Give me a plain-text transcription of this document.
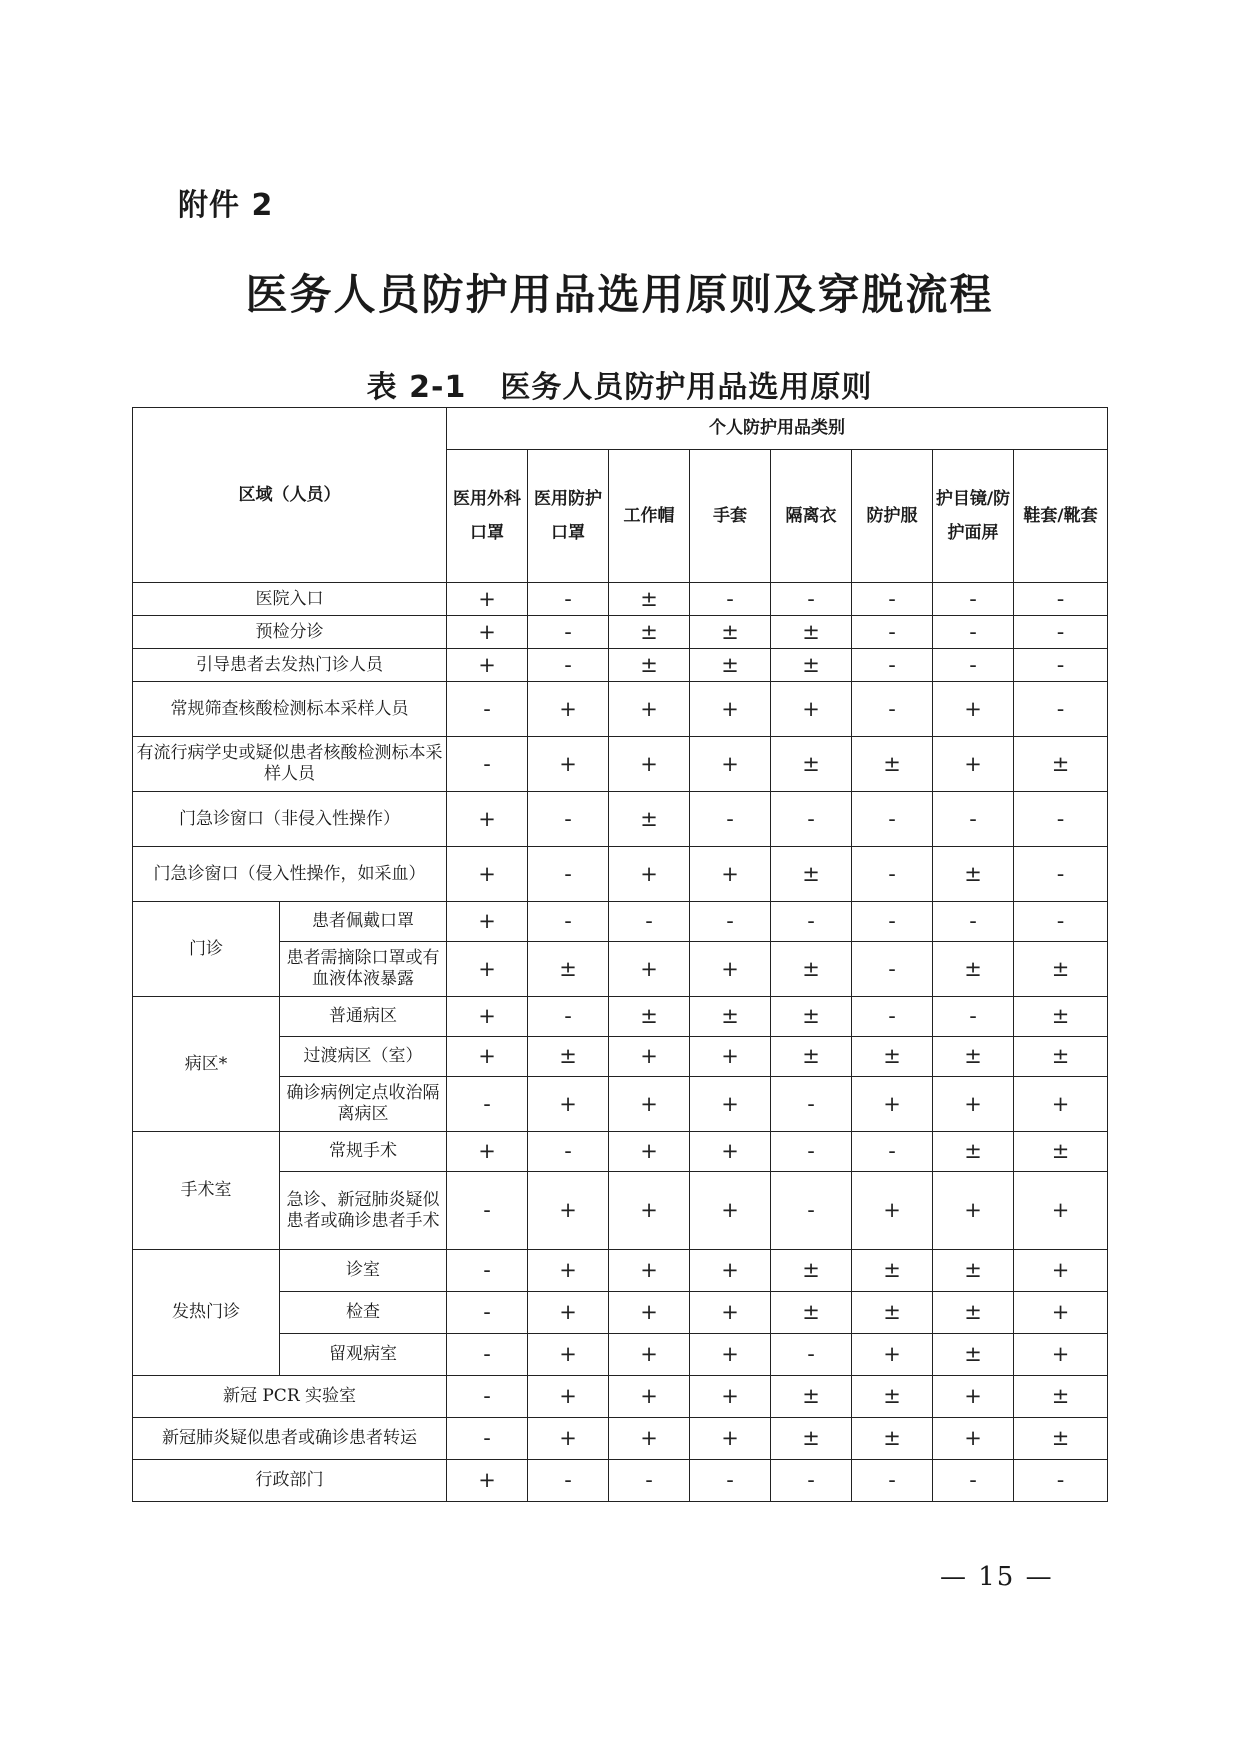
附件 2
医务人员防护用品选用原则及穿脱流程
表 2-1 医务人员防护用品选用原则
区域（人员）		个人防护用品类别							
		医用外科口罩	医用防护口罩	工作帽	手套	隔离衣	防护服	护目镜/防护面屏	鞋套/靴套
医院入口		+	-	±	-	-	-	-	-
预检分诊		+	-	±	±	±	-	-	-
引导患者去发热门诊人员		+	-	±	±	±	-	-	-
常规筛查核酸检测标本采样人员		-	+	+	+	+	-	+	-
有流行病学史或疑似患者核酸检测标本采样人员		-	+	+	+	±	±	+	±
门急诊窗口（非侵入性操作）		+	-	±	-	-	-	-	-
门急诊窗口（侵入性操作，如采血）		+	-	+	+	±	-	±	-
门诊	患者佩戴口罩	+	-	-	-	-	-	-	-
	患者需摘除口罩或有血液体液暴露	+	±	+	+	±	-	±	±
病区*	普通病区	+	-	±	±	±	-	-	±
	过渡病区（室）	+	±	+	+	±	±	±	±
	确诊病例定点收治隔离病区	-	+	+	+	-	+	+	+
手术室	常规手术	+	-	+	+	-	-	±	±
	急诊、新冠肺炎疑似患者或确诊患者手术	-	+	+	+	-	+	+	+
发热门诊	诊室	-	+	+	+	±	±	±	+
	检查	-	+	+	+	±	±	±	+
	留观病室	-	+	+	+	-	+	±	+
新冠 PCR 实验室		-	+	+	+	±	±	+	±
新冠肺炎疑似患者或确诊患者转运		-	+	+	+	±	±	+	±
行政部门		+	-	-	-	-	-	-	-
— 15 —
